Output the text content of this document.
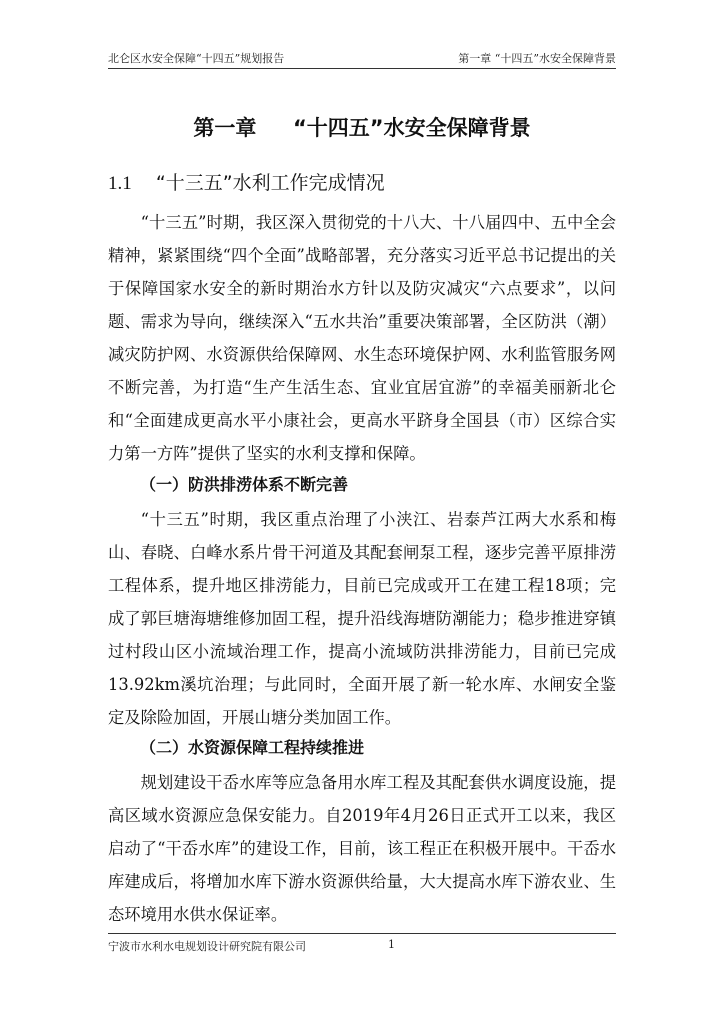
北仑区水安全保障“十四五”规划报告	第一章 “十四五”水安全保障背景
第一章     “十四五”水安全保障背景
1.1 “十三五”水利工作完成情况
“十三五”时期，我区深入贯彻党的十八大、十八届四中、五中全会精神，紧紧围绕“四个全面”战略部署，充分落实习近平总书记提出的关于保障国家水安全的新时期治水方针以及防灾减灾“六点要求”，以问题、需求为导向，继续深入“五水共治”重要决策部署，全区防洪（潮）减灾防护网、水资源供给保障网、水生态环境保护网、水利监管服务网不断完善，为打造“生产生活生态、宜业宜居宜游”的幸福美丽新北仑和“全面建成更高水平小康社会，更高水平跻身全国县（市）区综合实力第一方阵”提供了坚实的水利支撑和保障。
（一）防洪排涝体系不断完善
“十三五”时期，我区重点治理了小浃江、岩泰芦江两大水系和梅山、春晓、白峰水系片骨干河道及其配套闸泵工程，逐步完善平原排涝工程体系，提升地区排涝能力，目前已完成或开工在建工程18项；完成了郭巨塘海塘维修加固工程，提升沿线海塘防潮能力；稳步推进穿镇过村段山区小流域治理工作，提高小流域防洪排涝能力，目前已完成13.92km溪坑治理；与此同时，全面开展了新一轮水库、水闸安全鉴定及除险加固，开展山塘分类加固工作。
（二）水资源保障工程持续推进
规划建设干岙水库等应急备用水库工程及其配套供水调度设施，提高区域水资源应急保安能力。自2019年4月26日正式开工以来，我区启动了“干岙水库”的建设工作，目前，该工程正在积极开展中。干岙水库建成后，将增加水库下游水资源供给量，大大提高水库下游农业、生态环境用水供水保证率。
宁波市水利水电规划设计研究院有限公司	1
